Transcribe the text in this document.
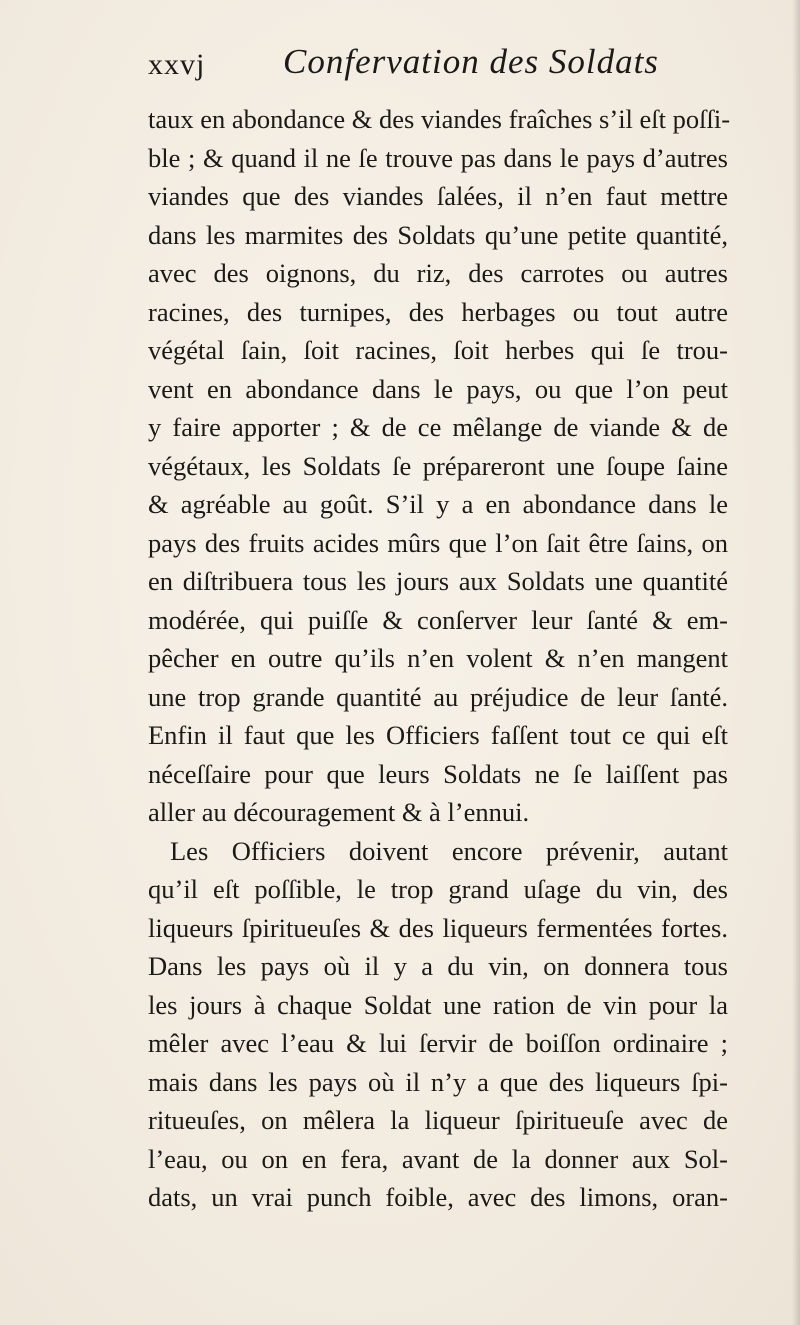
xxvj Confervation des Soldats
taux en abondance & des viandes fraîches s’il eſt poſſi-
ble ; & quand il ne ſe trouve pas dans le pays d’autres
viandes que des viandes ſalées, il n’en faut mettre
dans les marmites des Soldats qu’une petite quantité,
avec des oignons, du riz, des carrotes ou autres
racines, des turnipes, des herbages ou tout autre
végétal ſain, ſoit racines, ſoit herbes qui ſe trou-
vent en abondance dans le pays, ou que l’on peut
y faire apporter ; & de ce mêlange de viande & de
végétaux, les Soldats ſe prépareront une ſoupe ſaine
& agréable au goût. S’il y a en abondance dans le
pays des fruits acides mûrs que l’on ſait être ſains, on
en diſtribuera tous les jours aux Soldats une quantité
modérée, qui puiſſe & conſerver leur ſanté & em-
pêcher en outre qu’ils n’en volent & n’en mangent
une trop grande quantité au préjudice de leur ſanté.
Enfin il faut que les Officiers faſſent tout ce qui eſt
néceſſaire pour que leurs Soldats ne ſe laiſſent pas
aller au découragement & à l’ennui.
Les Officiers doivent encore prévenir, autant
qu’il eſt poſſible, le trop grand uſage du vin, des
liqueurs ſpiritueuſes & des liqueurs fermentées fortes.
Dans les pays où il y a du vin, on donnera tous
les jours à chaque Soldat une ration de vin pour la
mêler avec l’eau & lui ſervir de boiſſon ordinaire ;
mais dans les pays où il n’y a que des liqueurs ſpi-
ritueuſes, on mêlera la liqueur ſpiritueuſe avec de
l’eau, ou on en fera, avant de la donner aux Sol-
dats, un vrai punch foible, avec des limons, oran-
